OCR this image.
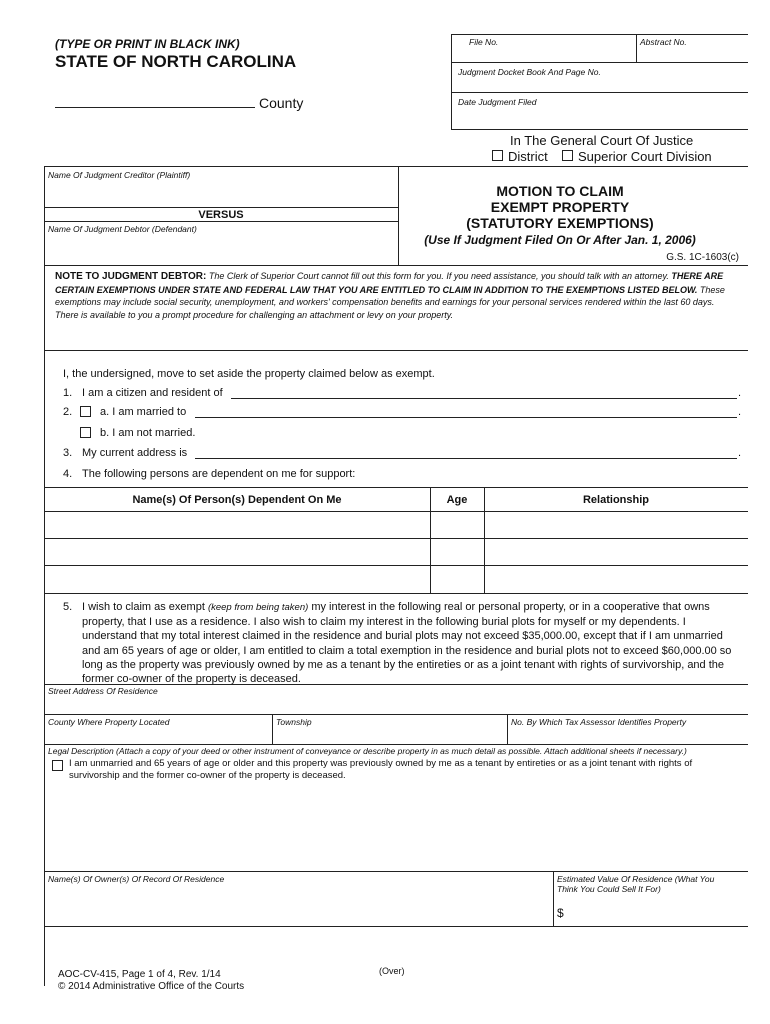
(TYPE OR PRINT IN BLACK INK)
STATE OF NORTH CAROLINA
County
File No.	Abstract No.
Judgment Docket Book And Page No.
Date Judgment Filed
In The General Court Of Justice
District Superior Court Division
Name Of Judgment Creditor (Plaintiff)
VERSUS
Name Of Judgment Debtor (Defendant)
MOTION TO CLAIM
EXEMPT PROPERTY
(STATUTORY EXEMPTIONS)
(Use If Judgment Filed On Or After Jan. 1, 2006)
G.S. 1C-1603(c)
NOTE TO JUDGMENT DEBTOR: The Clerk of Superior Court cannot fill out this form for you. If you need assistance, you should talk with an attorney. THERE ARE CERTAIN EXEMPTIONS UNDER STATE AND FEDERAL LAW THAT YOU ARE ENTITLED TO CLAIM IN ADDITION TO THE EXEMPTIONS LISTED BELOW. These exemptions may include social security, unemployment, and workers' compensation benefits and earnings for your personal services rendered within the last 60 days. There is available to you a prompt procedure for challenging an attachment or levy on your property.
I, the undersigned, move to set aside the property claimed below as exempt.
1. I am a citizen and resident of	.
2.	a. I am married to	.
b. I am not married.
3. My current address is	.
4. The following persons are dependent on me for support:
Name(s) Of Person(s) Dependent On Me	Age	Relationship
5. I wish to claim as exempt (keep from being taken) my interest in the following real or personal property, or in a cooperative that owns property, that I use as a residence. I also wish to claim my interest in the following burial plots for myself or my dependents. I understand that my total interest claimed in the residence and burial plots may not exceed $35,000.00, except that if I am unmarried and am 65 years of age or older, I am entitled to claim a total exemption in the residence and burial plots not to exceed $60,000.00 so long as the property was previously owned by me as a tenant by the entireties or as a joint tenant with rights of survivorship, and the former co-owner of the property is deceased.
Street Address Of Residence
County Where Property Located	Township	No. By Which Tax Assessor Identifies Property
Legal Description (Attach a copy of your deed or other instrument of conveyance or describe property in as much detail as possible. Attach additional sheets if necessary.)
I am unmarried and 65 years of age or older and this property was previously owned by me as a tenant by entireties or as a joint tenant with rights of survivorship and the former co-owner of the property is deceased.
Name(s) Of Owner(s) Of Record Of Residence	Estimated Value Of Residence (What You Think You Could Sell It For)
$
AOC-CV-415, Page 1 of 4, Rev. 1/14
© 2014 Administrative Office of the Courts
(Over)
